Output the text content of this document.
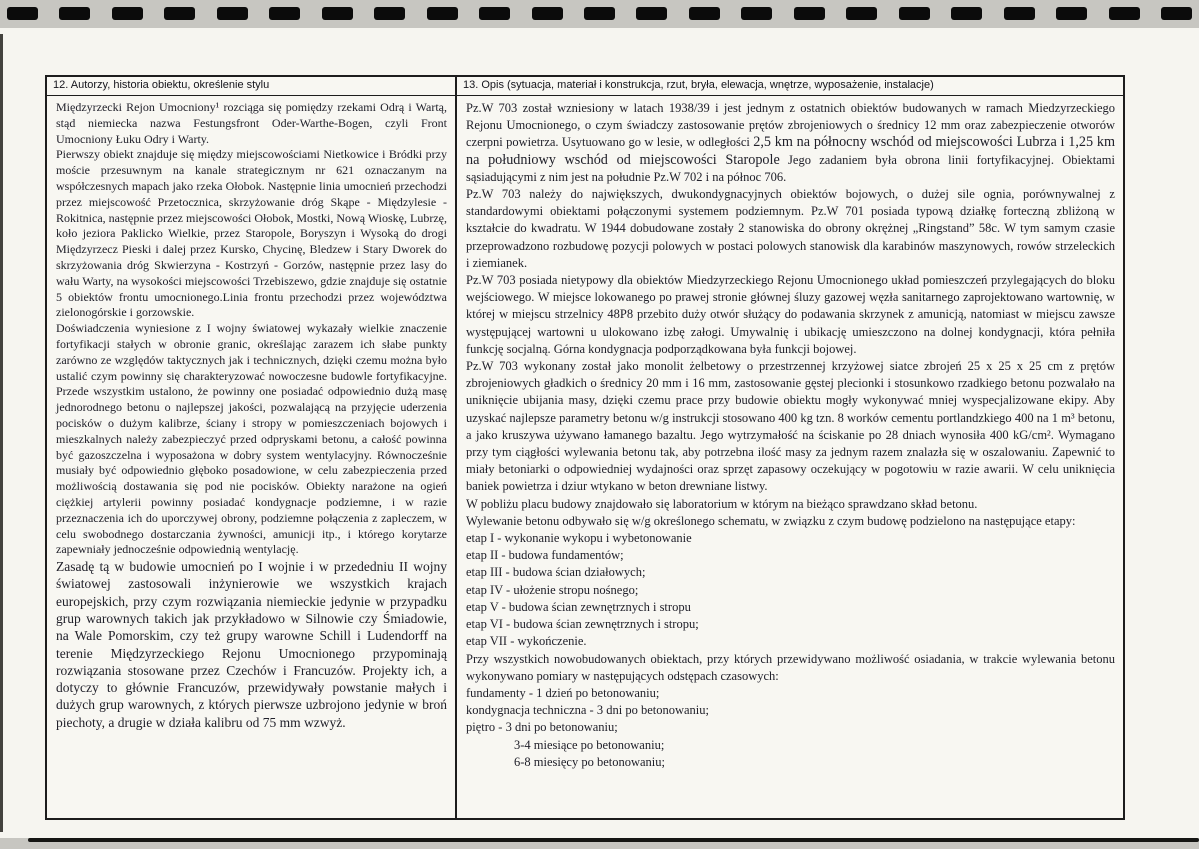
12. Autorzy, historia obiektu, określenie stylu

Międzyrzecki Rejon Umocniony¹ rozciąga się pomiędzy rzekami Odrą i Wartą, stąd niemiecka nazwa Festungsfront Oder-Warthe-Bogen, czyli Front Umocniony Łuku Odry i Warty.

Pierwszy obiekt znajduje się między miejscowościami Nietkowice i Bródki przy moście przesuwnym na kanale strategicznym nr 621 oznaczanym na współczesnych mapach jako rzeka Ołobok. Następnie linia umocnień przechodzi przez miejscowość Przetocznica, skrzyżowanie dróg Skąpe - Międzylesie - Rokitnica, następnie przez miejscowości Ołobok, Mostki, Nową Wioskę, Lubrzę, koło jeziora Paklicko Wielkie, przez Staropole, Boryszyn i Wysoką do drogi Międzyrzecz Pieski i dalej przez Kursko, Chycinę, Bledzew i Stary Dworek do skrzyżowania dróg Skwierzyna - Kostrzyń - Gorzów, następnie przez lasy do wału Warty, na wysokości miejscowości Trzebiszewo, gdzie znajduje się ostatnie 5 obiektów frontu umocnionego.Linia frontu przechodzi przez województwa zielonogórskie i gorzowskie.

Doświadczenia wyniesione z I wojny światowej wykazały wielkie znaczenie fortyfikacji stałych w obronie granic, określając zarazem ich słabe punkty zarówno ze względów taktycznych jak i technicznych, dzięki czemu można było ustalić czym powinny się charakteryzować nowoczesne budowle fortyfikacyjne. Przede wszystkim ustalono, że powinny one posiadać odpowiednio dużą masę jednorodnego betonu o najlepszej jakości, pozwalającą na przyjęcie uderzenia pocisków o dużym kalibrze, ściany i stropy w pomieszczeniach bojowych i mieszkalnych należy zabezpieczyć przed odpryskami betonu, a całość powinna być gazoszczelna i wyposażona w dobry system wentylacyjny. Równocześnie musiały być odpowiednio głęboko posadowione, w celu zabezpieczenia przed możliwością dostawania się pod nie pocisków. Obiekty narażone na ogień ciężkiej artylerii powinny posiadać kondygnacje podziemne, i w razie przeznaczenia ich do uporczywej obrony, podziemne połączenia z zapleczem, w celu swobodnego dostarczania żywności, amunicji itp., i którego korytarze zapewniały jednocześnie odpowiednią wentylację.

Zasadę tą w budowie umocnień po I wojnie i w przededniu II wojny światowej zastosowali inżynierowie we wszystkich krajach europejskich, przy czym rozwiązania niemieckie jedynie w przypadku grup warownych takich jak przykładowo w Silnowie czy Śmiadowie, na Wale Pomorskim, czy też grupy warowne Schill i Ludendorff na terenie Międzyrzeckiego Rejonu Umocnionego przypominają rozwiązania stosowane przez Czechów i Francuzów. Projekty ich, a dotyczy to głównie Francuzów, przewidywały powstanie małych i dużych grup warownych, z których pierwsze uzbrojono jedynie w broń piechoty, a drugie w działa kalibru od 75 mm wzwyż.

13. Opis (sytuacja, materiał i konstrukcja, rzut, bryła, elewacja, wnętrze, wyposażenie, instalacje)

Pz.W 703 został wzniesiony w latach 1938/39 i jest jednym z ostatnich obiektów budowanych w ramach Miedzyrzeckiego Rejonu Umocnionego, o czym świadczy zastosowanie prętów zbrojeniowych o średnicy 12 mm oraz zabezpieczenie otworów czerpni powietrza. Usytuowano go w lesie, w odległości 2,5 km na północny wschód od miejscowości Lubrza i 1,25 km na południowy wschód od miejscowości Staropole Jego zadaniem była obrona linii fortyfikacyjnej. Obiektami sąsiadującymi z nim jest na południe Pz.W 702 i na północ 706.

Pz.W 703 należy do największych, dwukondygnacyjnych obiektów bojowych, o dużej sile ognia, porównywalnej z standardowymi obiektami połączonymi systemem podziemnym. Pz.W 701 posiada typową działkę forteczną zbliżoną w kształcie do kwadratu. W 1944 dobudowane zostały 2 stanowiska do obrony okrężnej „Ringstand” 58c. W tym samym czasie przeprowadzono rozbudowę pozycji polowych w postaci polowych stanowisk dla karabinów maszynowych, rowów strzeleckich i ziemianek.

Pz.W 703 posiada nietypowy dla obiektów Miedzyrzeckiego Rejonu Umocnionego układ pomieszczeń przylegających do bloku wejściowego. W miejsce lokowanego po prawej stronie głównej śluzy gazowej węzła sanitarnego zaprojektowano wartownię, w której w miejscu strzelnicy 48P8 przebito duży otwór służący do podawania skrzynek z amunicją, natomiast w miejscu zawsze występującej wartowni u ulokowano izbę załogi. Umywalnię i ubikację umieszczono na dolnej kondygnacji, która pełniła funkcję socjalną. Górna kondygnacja podporządkowana była funkcji bojowej.

Pz.W 703 wykonany został jako monolit żelbetowy o przestrzennej krzyżowej siatce zbrojeń 25 x 25 x 25 cm z prętów zbrojeniowych gładkich o średnicy 20 mm i 16 mm, zastosowanie gęstej plecionki i stosunkowo rzadkiego betonu pozwalało na uniknięcie ubijania masy, dzięki czemu prace przy budowie obiektu mogły wykonywać mniej wyspecjalizowane ekipy. Aby uzyskać najlepsze parametry betonu w/g instrukcji stosowano 400 kg tzn. 8 worków cementu portlandzkiego 400 na 1 m³ betonu, a jako kruszywa używano łamanego bazaltu. Jego wytrzymałość na ściskanie po 28 dniach wynosiła 400 kG/cm². Wymagano przy tym ciągłości wylewania betonu tak, aby potrzebna ilość masy za jednym razem znalazła się w oszalowaniu. Zapewnić to miały betoniarki o odpowiedniej wydajności oraz sprzęt zapasowy oczekujący w pogotowiu w razie awarii. W celu uniknięcia baniek powietrza i dziur wtykano w beton drewniane listwy.

W pobliżu placu budowy znajdowało się laboratorium w którym na bieżąco sprawdzano skład betonu.

Wylewanie betonu odbywało się w/g określonego schematu, w związku z czym budowę podzielono na następujące etapy:

etap I - wykonanie wykopu i wybetonowanie

etap II - budowa fundamentów;

etap III - budowa ścian działowych;

etap IV - ułożenie stropu nośnego;

etap V - budowa ścian zewnętrznych i stropu

etap VI - budowa ścian zewnętrznych i stropu;

etap VII - wykończenie.

Przy wszystkich nowobudowanych obiektach, przy których przewidywano możliwość osiadania, w trakcie wylewania betonu wykonywano pomiary w następujących odstępach czasowych:

fundamenty - 1 dzień po betonowaniu;

kondygnacja techniczna - 3 dni po betonowaniu;

piętro - 3 dni po betonowaniu;

3-4 miesiące po betonowaniu;

6-8 miesięcy po betonowaniu;
